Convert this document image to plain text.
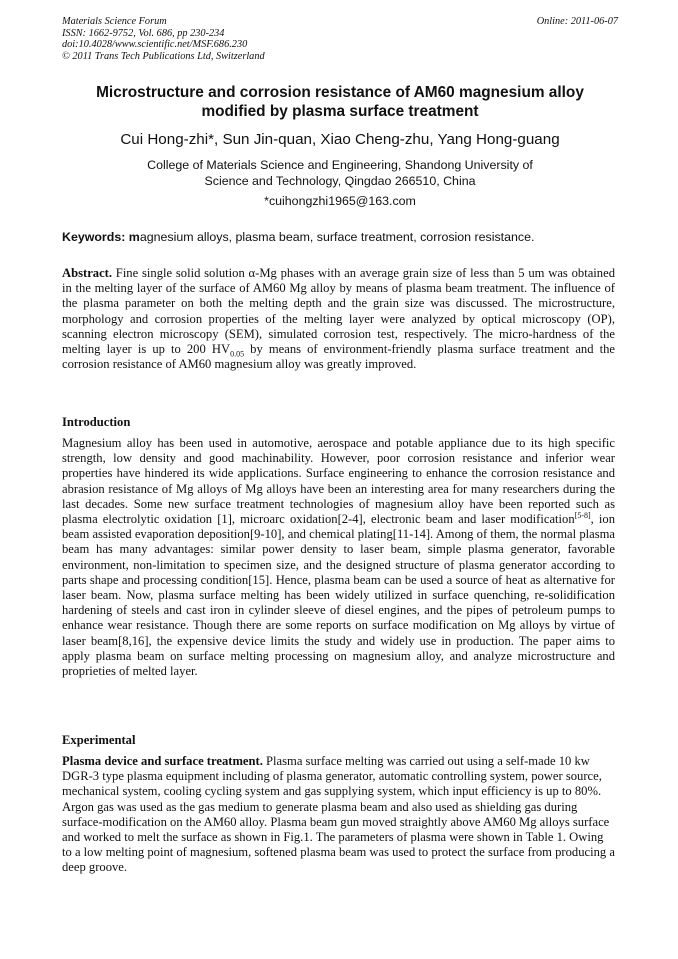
Materials Science Forum
ISSN: 1662-9752, Vol. 686, pp 230-234
doi:10.4028/www.scientific.net/MSF.686.230
© 2011 Trans Tech Publications Ltd, Switzerland
Online: 2011-06-07
Microstructure and corrosion resistance of AM60 magnesium alloy
modified by plasma surface treatment
Cui Hong-zhi*, Sun Jin-quan, Xiao Cheng-zhu, Yang Hong-guang
College of Materials Science and Engineering, Shandong University of
Science and Technology, Qingdao 266510, China
*cuihongzhi1965@163.com
Keywords: magnesium alloys, plasma beam, surface treatment, corrosion resistance.

Abstract. Fine single solid solution α-Mg phases with an average grain size of less than 5 um was obtained in the melting layer of the surface of AM60 Mg alloy by means of plasma beam treatment. The influence of the plasma parameter on both the melting depth and the grain size was discussed. The microstructure, morphology and corrosion properties of the melting layer were analyzed by optical microscopy (OP), scanning electron microscopy (SEM), simulated corrosion test, respectively. The micro-hardness of the melting layer is up to 200 $HV_{0.05}$ by means of environment-friendly plasma surface treatment and the corrosion resistance of AM60 magnesium alloy was greatly improved.

Introduction

Magnesium alloy has been used in automotive, aerospace and potable appliance due to its high specific strength, low density and good machinability. However, poor corrosion resistance and inferior wear properties have hindered its wide applications. Surface engineering to enhance the corrosion resistance and abrasion resistance of Mg alloys of Mg alloys have been an interesting area for many researchers during the last decades. Some new surface treatment technologies of magnesium alloy have been reported such as plasma electrolytic oxidation [1], microarc oxidation[2-4], electronic beam and laser modification[5-8], ion beam assisted evaporation deposition[9-10], and chemical plating[11-14]. Among of them, the normal plasma beam has many advantages: similar power density to laser beam, simple plasma generator, favorable environment, non-limitation to specimen size, and the designed structure of plasma generator according to parts shape and processing condition[15]. Hence, plasma beam can be used a source of heat as alternative for laser beam. Now, plasma surface melting has been widely utilized in surface quenching, re-solidification hardening of steels and cast iron in cylinder sleeve of diesel engines, and the pipes of petroleum pumps to enhance wear resistance. Though there are some reports on surface modification on Mg alloys by virtue of laser beam[8,16], the expensive device limits the study and widely use in production. The paper aims to apply plasma beam on surface melting processing on magnesium alloy, and analyze microstructure and proprieties of melted layer.

Experimental

Plasma device and surface treatment. Plasma surface melting was carried out using a self-made 10 kw DGR-3 type plasma equipment including of plasma generator, automatic controlling system, power source, mechanical system, cooling cycling system and gas supplying system, which input efficiency is up to 80%. Argon gas was used as the gas medium to generate plasma beam and also used as shielding gas during surface-modification on the AM60 alloy. Plasma beam gun moved straightly above AM60 Mg alloys surface and worked to melt the surface as shown in Fig.1. The parameters of plasma were shown in Table 1. Owing to a low melting point of magnesium, softened plasma beam was used to protect the surface from producing a deep groove.
